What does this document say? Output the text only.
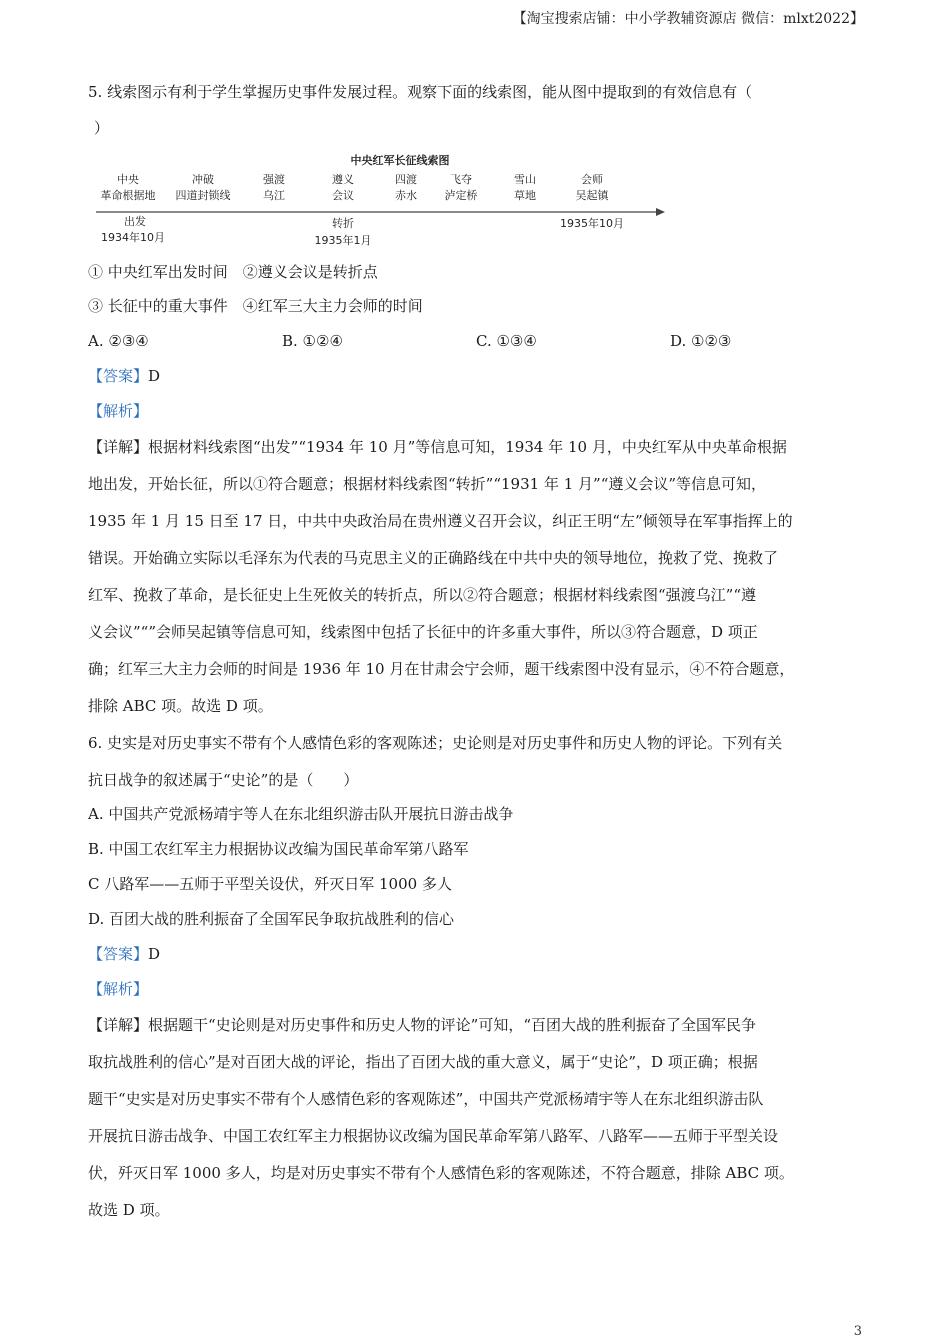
【淘宝搜索店铺：中小学教辅资源店 微信：mlxt2022】
5. 线索图示有利于学生掌握历史事件发展过程。观察下面的线索图，能从图中提取到的有效信息有（
）
中央红军长征线索图
中央
革命根据地
冲破
四道封锁线
强渡
乌江
遵义
会议
四渡
赤水
飞夺
泸定桥
雪山
草地
会师
吴起镇
出发
1934年10月
转折
1935年1月
1935年10月
① 中央红军出发时间　②遵义会议是转折点
③ 长征中的重大事件　④红军三大主力会师的时间
A. ②③④	B. ①②④	C. ①③④	D. ①②③
【答案】D
【解析】
【详解】根据材料线索图“出发”“1934 年 10 月”等信息可知，1934 年 10 月，中央红军从中央革命根据
地出发，开始长征，所以①符合题意；根据材料线索图“转折”“1931 年 1 月”“遵义会议”等信息可知，
1935 年 1 月 15 日至 17 日，中共中央政治局在贵州遵义召开会议，纠正王明“左”倾领导在军事指挥上的
错误。开始确立实际以毛泽东为代表的马克思主义的正确路线在中共中央的领导地位，挽救了党、挽救了
红军、挽救了革命，是长征史上生死攸关的转折点，所以②符合题意；根据材料线索图“强渡乌江”“遵
义会议”“”会师吴起镇等信息可知，线索图中包括了长征中的许多重大事件，所以③符合题意，D 项正
确；红军三大主力会师的时间是 1936 年 10 月在甘肃会宁会师，题干线索图中没有显示，④不符合题意，
排除 ABC 项。故选 D 项。
6. 史实是对历史事实不带有个人感情色彩的客观陈述；史论则是对历史事件和历史人物的评论。下列有关
抗日战争的叙述属于“史论”的是（　　）
A. 中国共产党派杨靖宇等人在东北组织游击队开展抗日游击战争
B. 中国工农红军主力根据协议改编为国民革命军第八路军
C 八路军——五师于平型关设伏，歼灭日军 1000 多人
D. 百团大战的胜利振奋了全国军民争取抗战胜利的信心
【答案】D
【解析】
【详解】根据题干“史论则是对历史事件和历史人物的评论”可知，“百团大战的胜利振奋了全国军民争
取抗战胜利的信心”是对百团大战的评论，指出了百团大战的重大意义，属于“史论”，D 项正确；根据
题干“史实是对历史事实不带有个人感情色彩的客观陈述”，中国共产党派杨靖宇等人在东北组织游击队
开展抗日游击战争、中国工农红军主力根据协议改编为国民革命军第八路军、八路军——五师于平型关设
伏，歼灭日军 1000 多人，均是对历史事实不带有个人感情色彩的客观陈述，不符合题意，排除 ABC 项。
故选 D 项。
3
